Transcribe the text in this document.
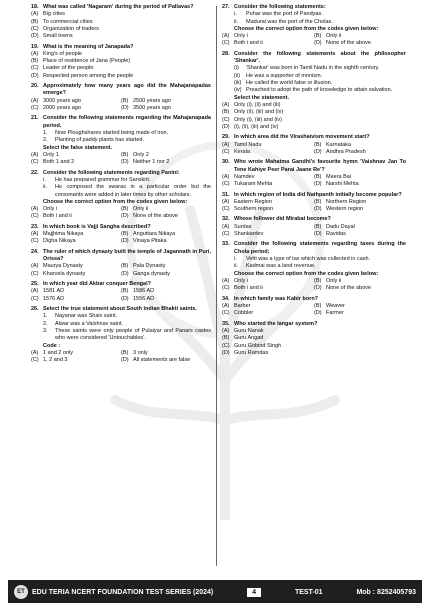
18. What was called 'Nagaram' during the period of Pallavas?
(A) Big cities
(B) To commercial cities
(C) Organization of traders
(D) Small towns
19. What is the meaning of Janapada?
(A) King's of people
(B) Place of residence of Jana (People)
(C) Leader of the people
(D) Respected person among the people
20. Approximately how many years ago did the Mahajanapadas emerge?
(A) 3000 years ago	(B) 2500 years ago
(C) 2000 years ago	(D) 3500 years ago
21. Consider the following statements regarding the Mahajanapada period.
1.	Now Ploughshares started being made of iron.
2.	Planting of paddy plants has started.
Select the false statement.
(A) Only 1	(B) Only 2
(C) Both 1 and 2	(D) Neither 1 nor 2
22. Consider the following statements regarding Panini:
i.	He has prepared grammar for Sanskrit.
ii.	He composed the swaras in a particular order but the consonants were added in later times by other scholars.
Choose the correct option from the codes given below:
(A) Only i	(B) Only ii
(C) Both i and ii	(D) None of the above
23. In which book is Vajji Sangha described?
(A) Majjhima Nikaya	(B) Anguttara Nikaya
(C) Digha Nikaya	(D) Vinaya Pitaka
24. The ruler of which dynasty built the temple of Jagannath in Puri, Orissa?
(A) Maurya Dynasty	(B) Pala Dynasty
(C) Kharvela dynasty	(D) Ganga dynasty
25. In which year did Akbar conquer Bengal?
(A) 1581 AD	(B) 1586 AD
(C) 1576 AD	(D) 1556 AD
26. Select the true statement about South Indian Bhakti saints.
1.	Nayanar was Shaiv saint.
2.	Alwar was a Vaishnav saint.
3.	These saints were only people of Pulaiyar and Panars castes who were considered 'Untouchables'.
Code :
(A) 1 and 2 only	(B) 3 only
(C) 1, 2 and 3	(D) All statements are false
27. Consider the following statements:
i.	Puhar was the port of Pandyas.
ii.	Madurai was the port of the Cholas.
Choose the correct option from the codes given below:
(A) Only i	(B) Only ii
(C) Both i and ii	(D) None of the above
28. Consider the following statements about the philosopher 'Shankar'.
(i)	'Shankar' was born in Tamil Nadu in the eighth century.
(ii)	He was a supporter of monism.
(iii) He called the world false or illusion.
(iv) Preached to adopt the path of knowledge to attain salvation.
Select the statement.
(A) Only (i), (ii) and (iii)
(B) Only (ii), (iii) and (iv)
(C) Only (i), (iii) and (iv)
(D) (i), (ii), (iii) and (iv)
29. In which area did the Virashaivism movement start?
(A) Tamil Nadu	(B) Karnataka
(C) Kerala	(D) Andhra Pradesh
30. Who wrote Mahatma Gandhi's favourite hymn 'Vaishnav Jan To Tene Kahiye Peer Parai Jaane Re'?
(A) Namdev	(B) Meera Bai
(C) Tukaram Mehta	(D) Narshi Mehta
31. In which region of India did Nathpanth initially become popular?
(A) Eastern Region	(B) Northern Region
(C) Southern region	(D) Western region
32. Whose follower did Mirabai become?
(A) Surdas	(B) Dadu Dayal
(C) Shankardev	(D) Ravidas
33. Consider the following statements regarding taxes during the Chola period;
i.	Vetti was a type of tax which was collected in cash.
ii.	Kadmai was a land revenue.
Choose the correct option from the codes given below:
(A) Only i	(B) Only ii
(C) Both i and ii	(D) None of the above
34. In which family was Kabir born?
(A) Barber	(B) Weaver
(C) Cobbler	(D) Farmer
35. Who started the langar system?
(A) Guru Nanak
(B) Guru Angad
(C) Guru Gobind Singh
(D) Guru Ramdas
ET	EDU TERIA NCERT FOUNDATION TEST SERIES (2024)	4	TEST-01	Mob : 8252405793
